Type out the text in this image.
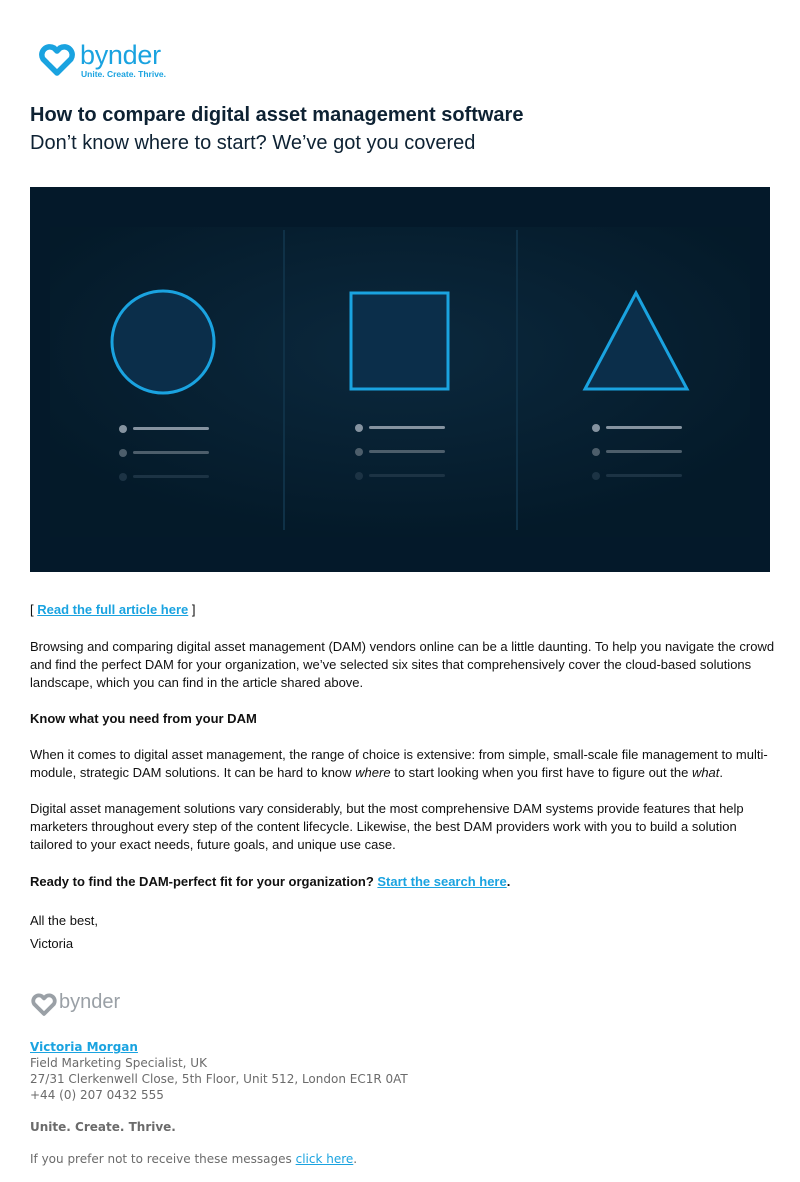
bynder
Unite. Create. Thrive.
How to compare digital asset management software
Don’t know where to start? We’ve got you covered
[ Read the full article here ]
Browsing and comparing digital asset management (DAM) vendors online can be a little daunting. To help you navigate the crowd and find the perfect DAM for your organization, we’ve selected six sites that comprehensively cover the cloud-based solutions landscape, which you can find in the article shared above.
Know what you need from your DAM
When it comes to digital asset management, the range of choice is extensive: from simple, small-scale file management to multi-module, strategic DAM solutions. It can be hard to know where to start looking when you first have to figure out the what.
Digital asset management solutions vary considerably, but the most comprehensive DAM systems provide features that help marketers throughout every step of the content lifecycle. Likewise, the best DAM providers work with you to build a solution tailored to your exact needs, future goals, and unique use case.
Ready to find the DAM-perfect fit for your organization? Start the search here.
All the best,
Victoria
bynder
Victoria Morgan
Field Marketing Specialist, UK
27/31 Clerkenwell Close, 5th Floor, Unit 512, London EC1R 0AT
+44 (0) 207 0432 555
Unite. Create. Thrive.
If you prefer not to receive these messages click here.
